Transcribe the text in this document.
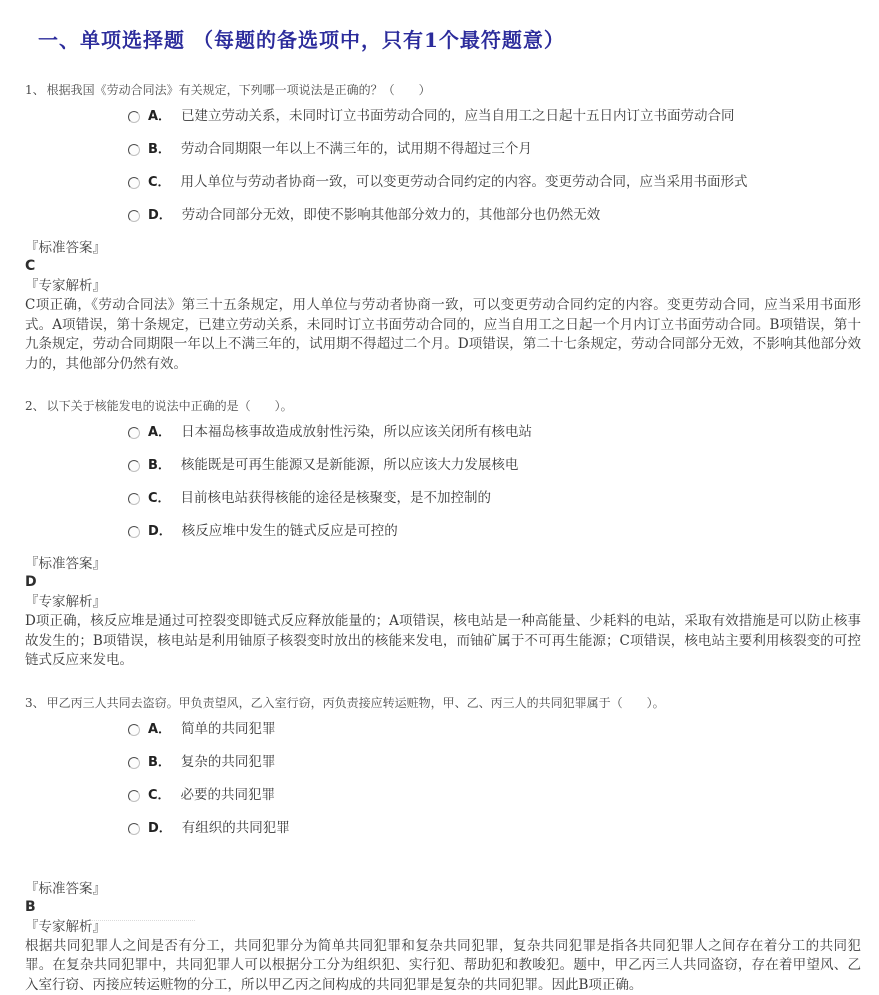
一、单项选择题 （每题的备选项中，只有1个最符题意）
1、 根据我国《劳动合同法》有关规定，下列哪一项说法是正确的？（　　）
A． 已建立劳动关系，未同时订立书面劳动合同的，应当自用工之日起十五日内订立书面劳动合同
B． 劳动合同期限一年以上不满三年的，试用期不得超过三个月
C． 用人单位与劳动者协商一致，可以变更劳动合同约定的内容。变更劳动合同，应当采用书面形式
D． 劳动合同部分无效，即使不影响其他部分效力的，其他部分也仍然无效
『标准答案』
C
『专家解析』
C项正确，《劳动合同法》第三十五条规定，用人单位与劳动者协商一致，可以变更劳动合同约定的内容。变更劳动合同，应当采用书面形式。A项错误，第十条规定，已建立劳动关系，未同时订立书面劳动合同的，应当自用工之日起一个月内订立书面劳动合同。B项错误，第十九条规定，劳动合同期限一年以上不满三年的，试用期不得超过二个月。D项错误，第二十七条规定，劳动合同部分无效，不影响其他部分效力的，其他部分仍然有效。
2、 以下关于核能发电的说法中正确的是（　　）。
A． 日本福岛核事故造成放射性污染，所以应该关闭所有核电站
B． 核能既是可再生能源又是新能源，所以应该大力发展核电
C． 目前核电站获得核能的途径是核聚变，是不加控制的
D． 核反应堆中发生的链式反应是可控的
『标准答案』
D
『专家解析』
D项正确，核反应堆是通过可控裂变即链式反应释放能量的；A项错误，核电站是一种高能量、少耗料的电站，采取有效措施是可以防止核事故发生的；B项错误，核电站是利用铀原子核裂变时放出的核能来发电，而铀矿属于不可再生能源；C项错误，核电站主要利用核裂变的可控链式反应来发电。
3、 甲乙丙三人共同去盗窃。甲负责望风，乙入室行窃，丙负责接应转运赃物，甲、乙、丙三人的共同犯罪属于（　　）。
A． 简单的共同犯罪
B． 复杂的共同犯罪
C． 必要的共同犯罪
D． 有组织的共同犯罪
『标准答案』
B
『专家解析』
根据共同犯罪人之间是否有分工，共同犯罪分为简单共同犯罪和复杂共同犯罪，复杂共同犯罪是指各共同犯罪人之间存在着分工的共同犯罪。在复杂共同犯罪中，共同犯罪人可以根据分工分为组织犯、实行犯、帮助犯和教唆犯。题中，甲乙丙三人共同盗窃，存在着甲望风、乙入室行窃、丙接应转运赃物的分工，所以甲乙丙之间构成的共同犯罪是复杂的共同犯罪。因此B项正确。
